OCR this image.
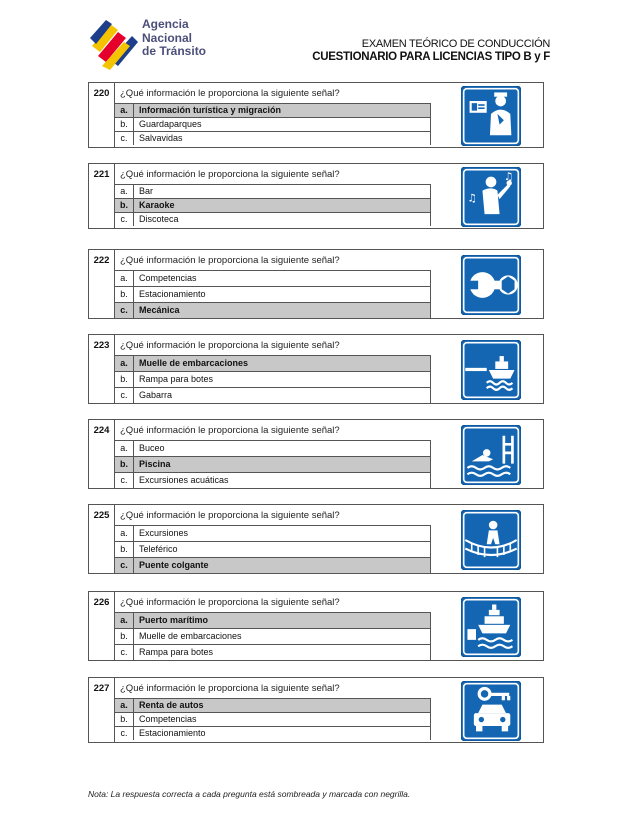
Agencia
Nacional
de Tránsito	EXAMEN TEÓRICO DE CONDUCCIÓN
CUESTIONARIO PARA LICENCIAS TIPO B y F
220	¿Qué información le proporciona la siguiente señal?
a.	Información turística y migración
b.	Guardaparques
c.	Salvavidas
221	¿Qué información le proporciona la siguiente señal?
a.	Bar
b.	Karaoke
c.	Discoteca
♫
♫
222	¿Qué información le proporciona la siguiente señal?
a.	Competencias
b.	Estacionamiento
c.	Mecánica
223	¿Qué información le proporciona la siguiente señal?
a.	Muelle de embarcaciones
b.	Rampa para botes
c.	Gabarra
224	¿Qué información le proporciona la siguiente señal?
a.	Buceo
b.	Piscina
c.	Excursiones acuáticas
225	¿Qué información le proporciona la siguiente señal?
a.	Excursiones
b.	Teleférico
c.	Puente colgante
226	¿Qué información le proporciona la siguiente señal?
a.	Puerto marítimo
b.	Muelle de embarcaciones
c.	Rampa para botes
227	¿Qué información le proporciona la siguiente señal?
a.	Renta de autos
b.	Competencias
c.	Estacionamiento
Nota: La respuesta correcta a cada pregunta está sombreada y marcada con negrilla.
